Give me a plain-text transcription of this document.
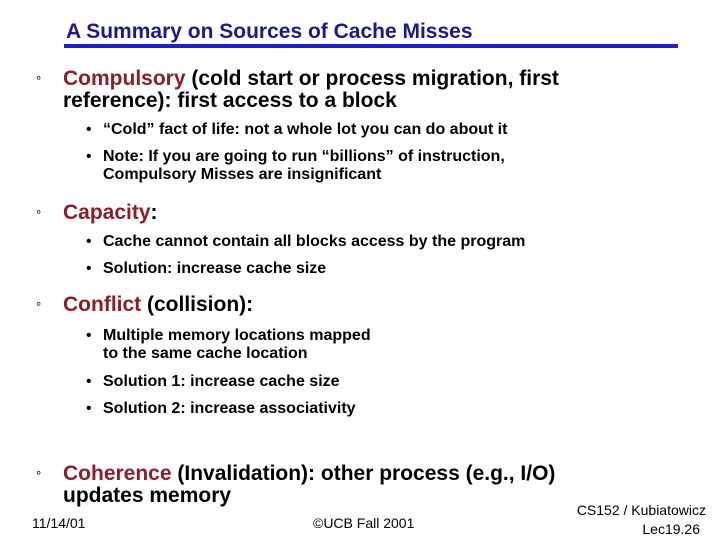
A Summary on Sources of Cache Misses
° Compulsory (cold start or process migration, first
reference): first access to a block
• “Cold” fact of life: not a whole lot you can do about it
• Note: If you are going to run “billions” of instruction,
Compulsory Misses are insignificant
° Capacity:
• Cache cannot contain all blocks access by the program
• Solution: increase cache size
° Conflict (collision):
• Multiple memory locations mapped
to the same cache location
• Solution 1: increase cache size
• Solution 2: increase associativity
° Coherence (Invalidation): other process (e.g., I/O)
updates memory
11/14/01	©UCB Fall 2001
CS152 / Kubiatowicz
Lec19.26
